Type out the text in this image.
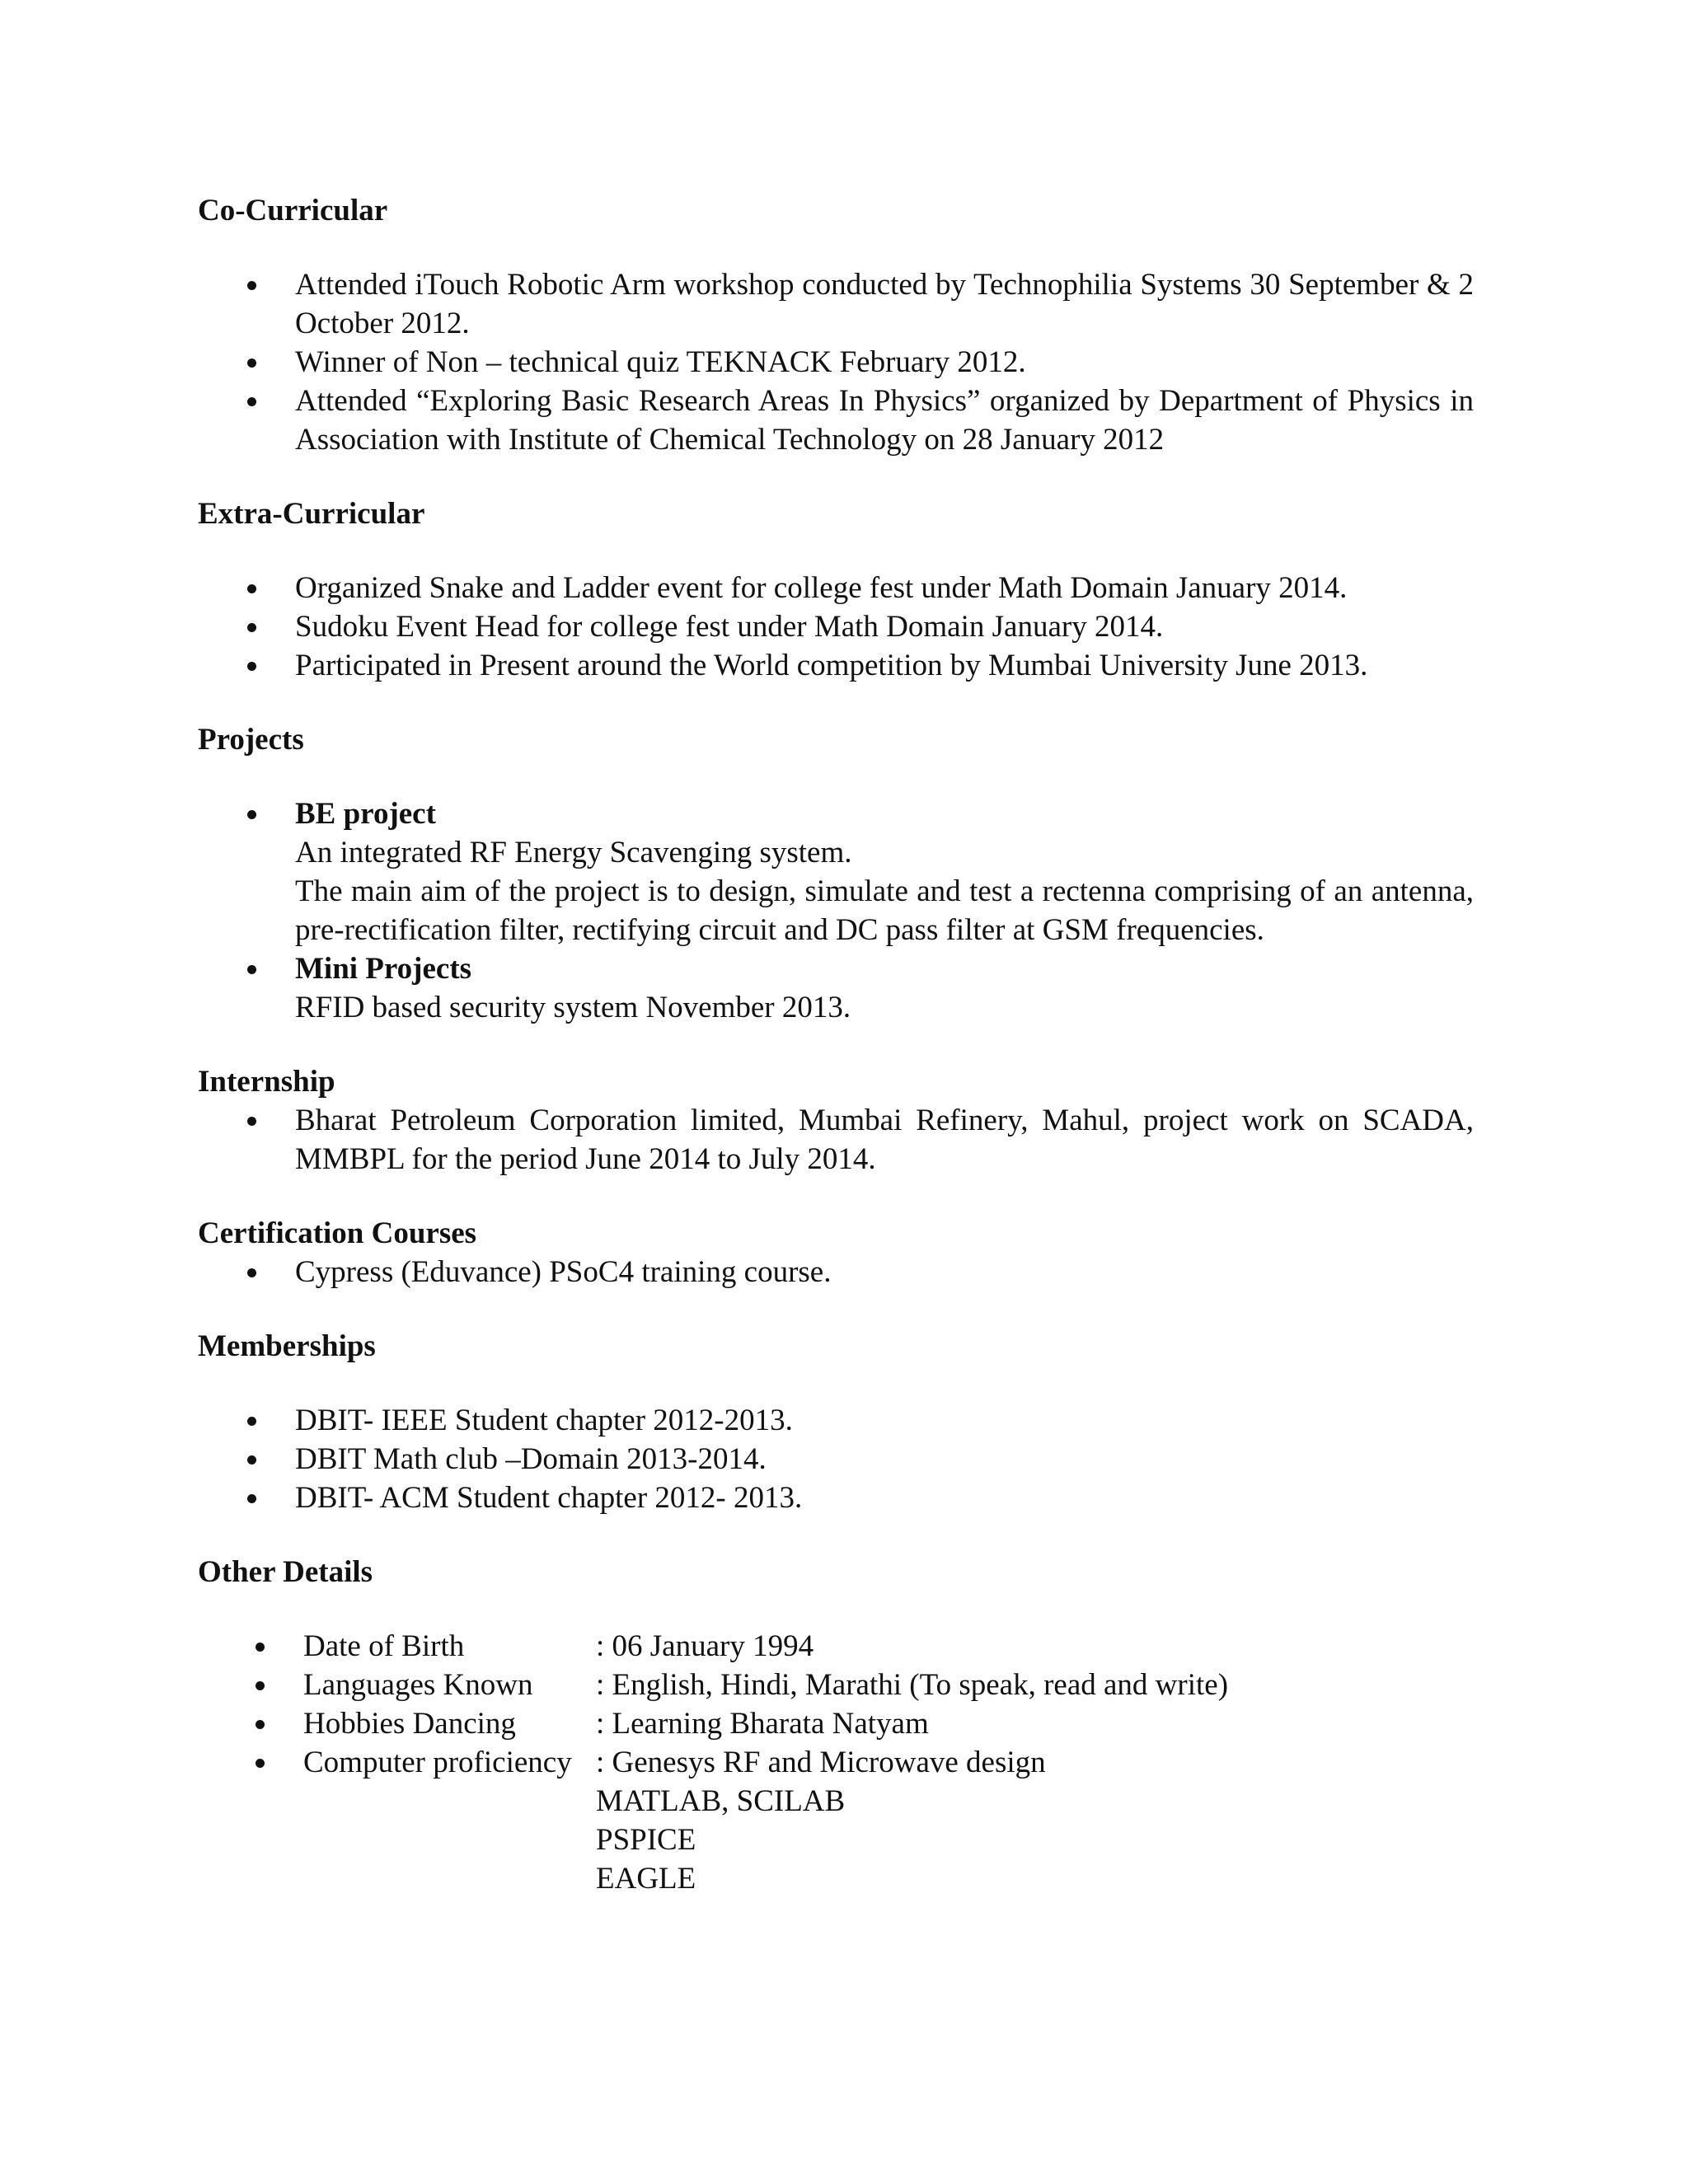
Co-Curricular

Attended iTouch Robotic Arm workshop conducted by Technophilia Systems 30 September & 2 October 2012.
Winner of Non – technical quiz TEKNACK February 2012.
Attended “Exploring Basic Research Areas In Physics” organized by Department of Physics in Association with Institute of Chemical Technology on 28 January 2012

Extra-Curricular

Organized Snake and Ladder event for college fest under Math Domain January 2014.
Sudoku Event Head for college fest under Math Domain January 2014.
Participated in Present around the World competition by Mumbai University June 2013.

Projects

BE project
An integrated RF Energy Scavenging system.
The main aim of the project is to design, simulate and test a rectenna comprising of an antenna, pre-rectification filter, rectifying circuit and DC pass filter at GSM frequencies.
Mini Projects
RFID based security system November 2013.

Internship

Bharat Petroleum Corporation limited, Mumbai Refinery, Mahul, project work on SCADA, MMBPL for the period June 2014 to July 2014.

Certification Courses

Cypress (Eduvance) PSoC4 training course.

Memberships

DBIT- IEEE Student chapter 2012-2013.
DBIT Math club –Domain 2013-2014.
DBIT- ACM Student chapter 2012- 2013.

Other Details

Date of Birth	: 06 January 1994
Languages Known	: English, Hindi, Marathi (To speak, read and write)
Hobbies Dancing	: Learning Bharata Natyam
Computer proficiency : Genesys RF and Microwave design
MATLAB, SCILAB
PSPICE
EAGLE
